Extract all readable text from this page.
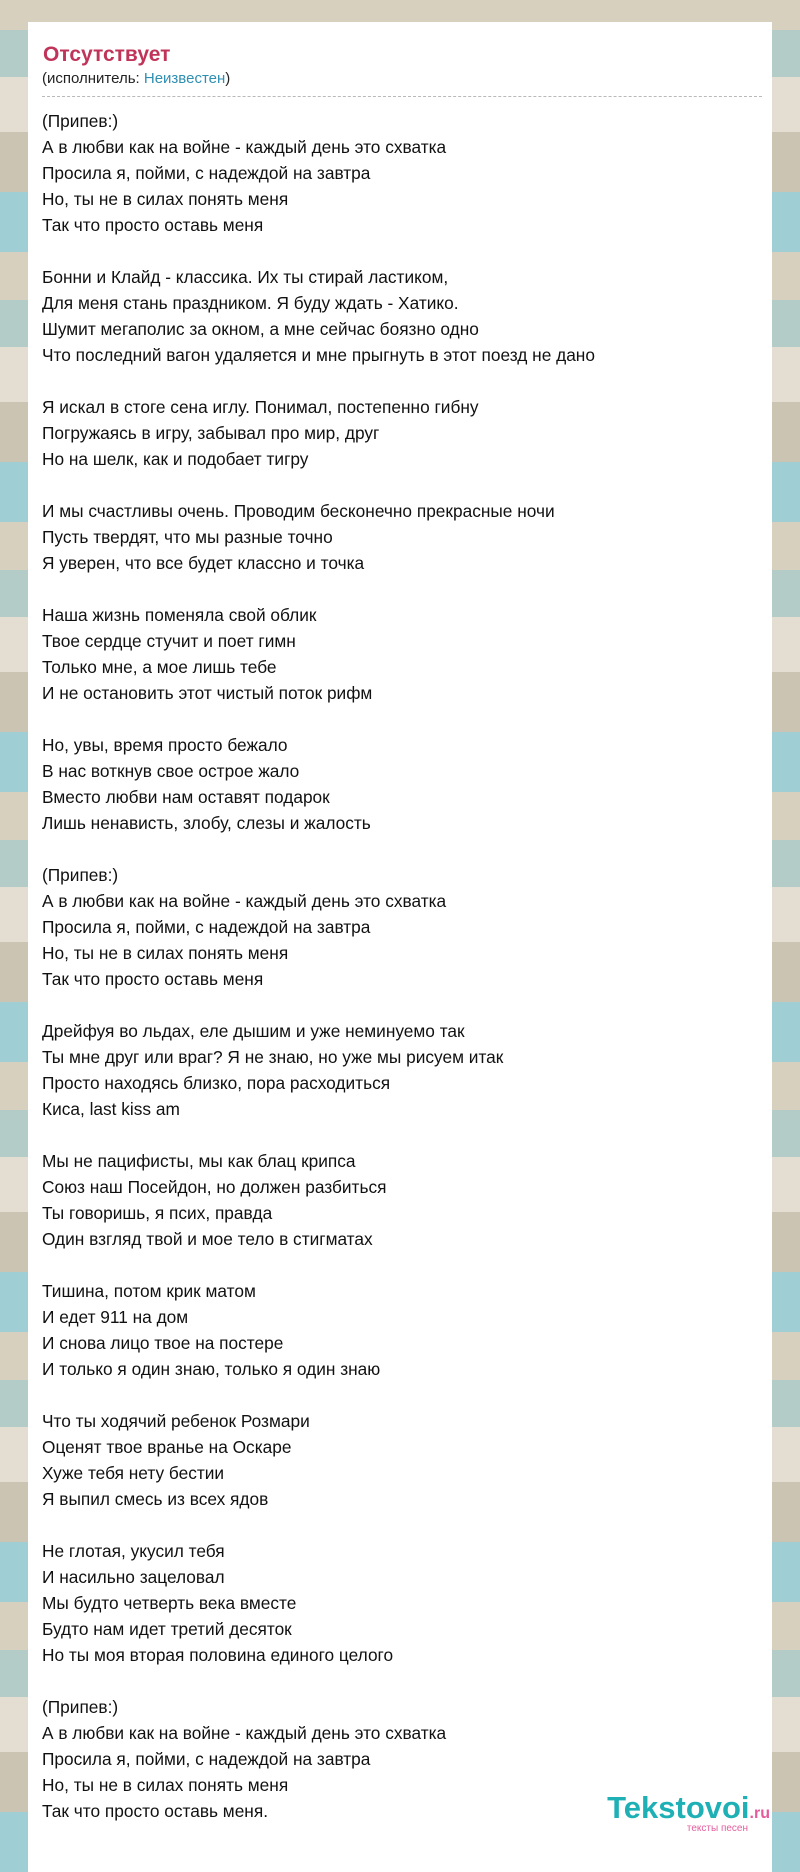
Отсутствует
(исполнитель: Неизвестен)
(Припев:)
А в любви как на войне - каждый день это схватка
Просила я, пойми, с надеждой на завтра
Но, ты не в силах понять меня
Так что просто оставь меня
Бонни и Клайд - классика. Их ты стирай ластиком,
Для меня стань праздником. Я буду ждать - Хатико.
Шумит мегаполис за окном, а мне сейчас боязно одно
Что последний вагон удаляется и мне прыгнуть в этот поезд не дано
Я искал в стоге сена иглу. Понимал, постепенно гибну
Погружаясь в игру, забывал про мир, друг
Но на шелк, как и подобает тигру
И мы счастливы очень. Проводим бесконечно прекрасные ночи
Пусть твердят, что мы разные точно
Я уверен, что все будет классно и точка
Наша жизнь поменяла свой облик
Твое сердце стучит и поет гимн
Только мне, а мое лишь тебе
И не остановить этот чистый поток рифм
Но, увы, время просто бежало
В нас воткнув свое острое жало
Вместо любви нам оставят подарок
Лишь ненависть, злобу, слезы и жалость
(Припев:)
А в любви как на войне - каждый день это схватка
Просила я, пойми, с надеждой на завтра
Но, ты не в силах понять меня
Так что просто оставь меня
Дрейфуя во льдах, еле дышим и уже неминуемо так
Ты мне друг или враг? Я не знаю, но уже мы рисуем итак
Просто находясь близко, пора расходиться
Киса, last kiss am
Мы не пацифисты, мы как блац крипса
Союз наш Посейдон, но должен разбиться
Ты говоришь, я псих, правда
Один взгляд твой и мое тело в стигматах
Тишина, потом крик матом
И едет 911 на дом
И снова лицо твое на постере
И только я один знаю, только я один знаю
Что ты ходячий ребенок Розмари
Оценят твое вранье на Оскаре
Хуже тебя нету бестии
Я выпил смесь из всех ядов
Не глотая, укусил тебя
И насильно зацеловал
Мы будто четверть века вместе
Будто нам идет третий десяток
Но ты моя вторая половина единого целого
(Припев:)
А в любви как на войне - каждый день это схватка
Просила я, пойми, с надеждой на завтра
Но, ты не в силах понять меня
Так что просто оставь меня.	Tekstovoi.ru
тексты песен
